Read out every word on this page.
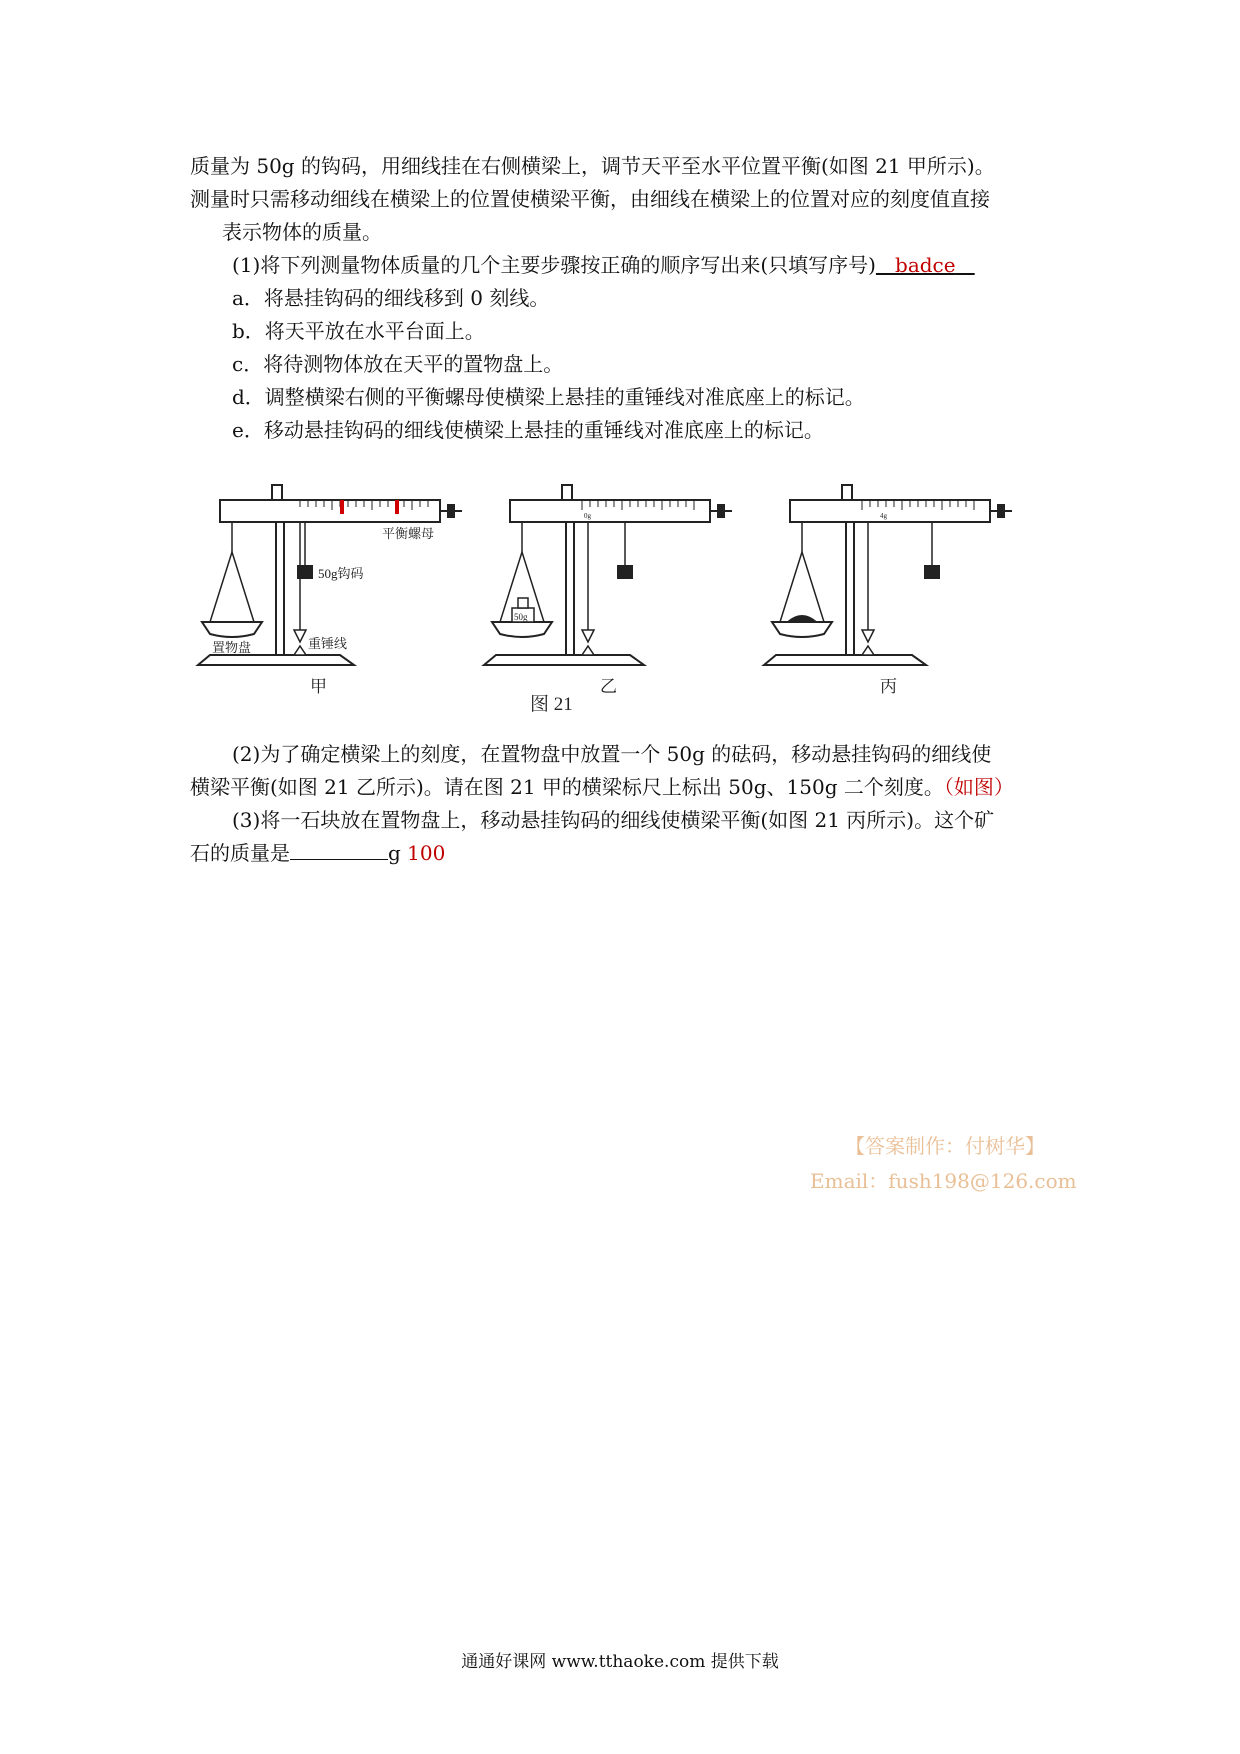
质量为 50g 的钩码，用细线挂在右侧横梁上，调节天平至水平位置平衡(如图 21 甲所示)。
测量时只需移动细线在横梁上的位置使横梁平衡，由细线在横梁上的位置对应的刻度值直接
表示物体的质量。
(1)将下列测量物体质量的几个主要步骤按正确的顺序写出来(只填写序号) badce
a．将悬挂钩码的细线移到 0 刻线。
b．将天平放在水平台面上。
c．将待测物体放在天平的置物盘上。
d．调整横梁右侧的平衡螺母使横梁上悬挂的重锤线对准底座上的标记。
e．移动悬挂钩码的细线使横梁上悬挂的重锤线对准底座上的标记。
平衡螺母
50g钩码
置物盘	重锤线
甲
0g
50g
乙
4g
丙
图 21
(2)为了确定横梁上的刻度，在置物盘中放置一个 50g 的砝码，移动悬挂钩码的细线使
横梁平衡(如图 21 乙所示)。请在图 21 甲的横梁标尺上标出 50g、150g 二个刻度。（如图）
(3)将一石块放在置物盘上，移动悬挂钩码的细线使横梁平衡(如图 21 丙所示)。这个矿
石的质量是	g 100
【答案制作：付树华】
Email：fush198@126.com
通通好课网 www.tthaoke.com 提供下载
